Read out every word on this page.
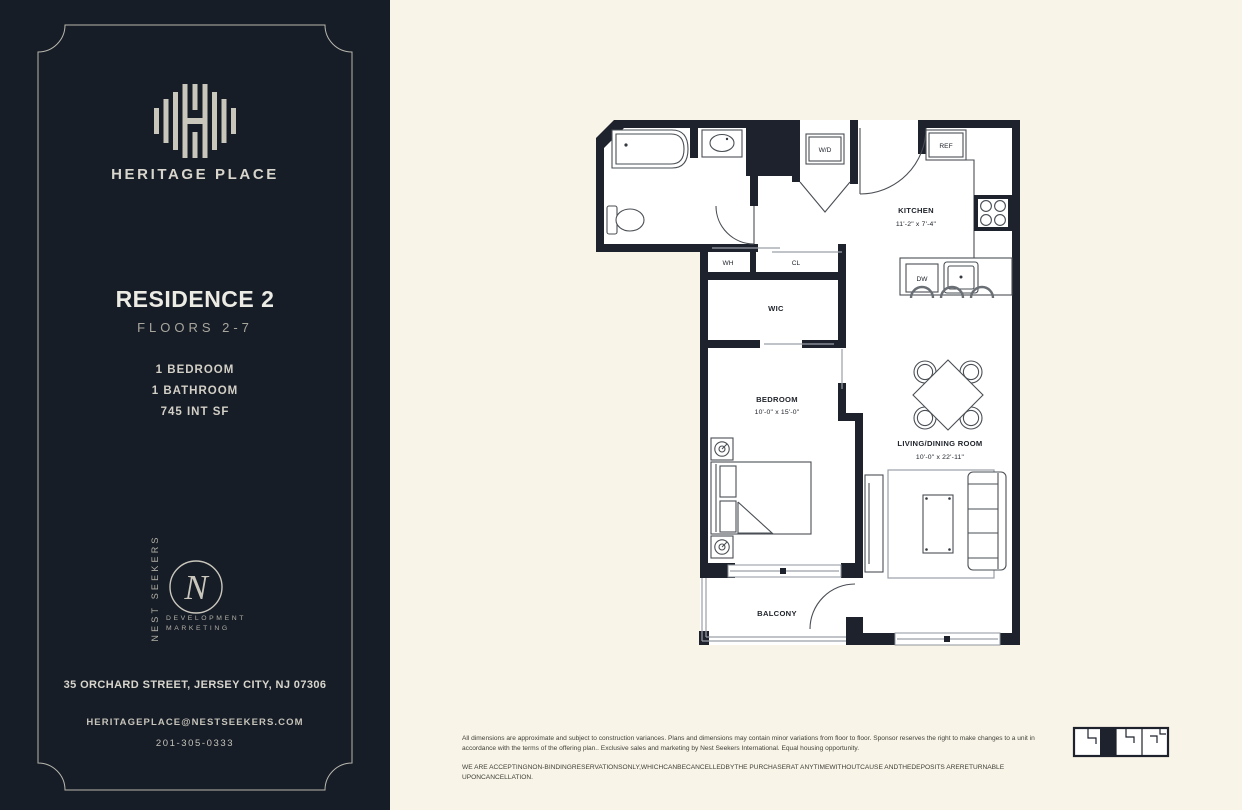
HERITAGE PLACE
RESIDENCE 2
FLOORS 2-7
1 BEDROOM
1 BATHROOM
745 INT SF
NEST SEEKERS N
DEVELOPMENT
MARKETING
35 ORCHARD STREET, JERSEY CITY, NJ 07306
HERITAGEPLACE@NESTSEEKERS.COM
201-305-0333
W/D
REF
DW
KITCHEN
11'-2" x 7'-4"
WH	CL
WIC
BEDROOM
10'-0" x 15'-0"
LIVING/DINING ROOM
10'-0" x 22'-11"
BALCONY

All dimensions are approximate and subject to construction variances. Plans and dimensions may contain minor variations from floor to floor. Sponsor reserves the right to make changes to a unit in accordance with the terms of the offering plan.. Exclusive sales and marketing by Nest Seekers International. Equal housing opportunity.

WE ARE ACCEPTINGNON-BINDINGRESERVATIONSONLY,WHICHCANBECANCELLEDBYTHE PURCHASERAT ANYTIMEWITHOUTCAUSE ANDTHEDEPOSITS ARERETURNABLE UPONCANCELLATION.
